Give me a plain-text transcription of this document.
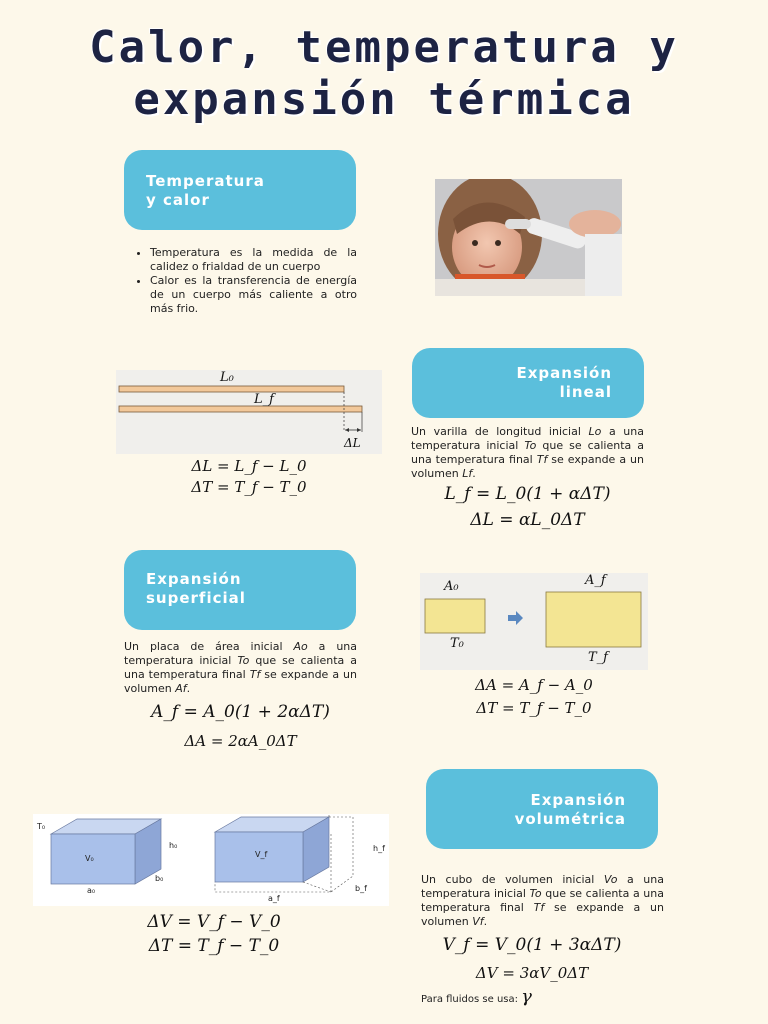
Calor, temperatura y
expansión térmica
Temperatura
y calor
• Temperatura es la medida de la calidez o frialdad de un cuerpo
• Calor es la transferencia de energía de un cuerpo más caliente a otro más frio.
L₀
L_f
ΔL
ΔL = L_f − L_0
ΔT = T_f − T_0
Expansión
lineal
Un varilla de longitud inicial Lo a una temperatura inicial To que se calienta a una temperatura final Tf se expande a un volumen Lf.
L_f = L_0(1 + αΔT)
ΔL = αL_0ΔT
Expansión
superficial
Un placa de área inicial Ao a una temperatura inicial To que se calienta a una temperatura final Tf se expande a un volumen Af.
A_f = A_0(1 + 2αΔT)
ΔA = 2αA_0ΔT
A₀
T₀
A_f
T_f
ΔA = A_f − A_0
ΔT = T_f − T_0
Expansión
volumétrica
T₀
V₀
h₀
b₀
a₀
V_f
h_f
b_f
a_f
ΔV = V_f − V_0
ΔT = T_f − T_0
Un cubo de volumen inicial Vo a una temperatura inicial To que se calienta a una temperatura final Tf se expande a un volumen Vf.
V_f = V_0(1 + 3αΔT)
ΔV = 3αV_0ΔT
Para fluidos se usa: γ
